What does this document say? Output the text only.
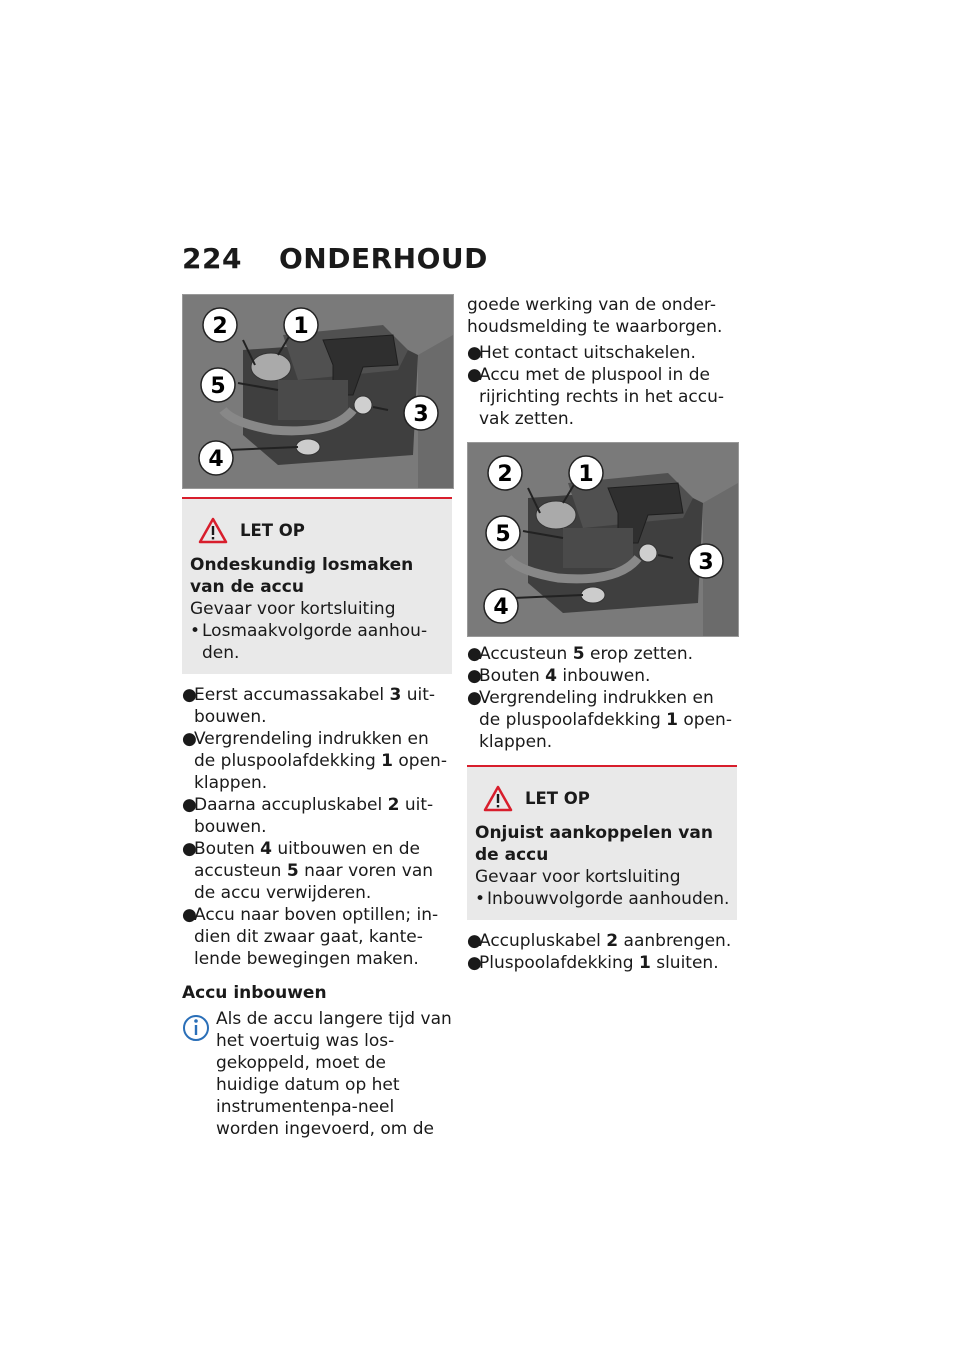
224 ONDERHOUD
2	1
5
3
4
LET OP

Ondeskundig losmaken van de accu

Gevaar voor kortsluiting

• Losmaakvolgorde aanhou-den.
●
Eerst accumassakabel 3 uit-bouwen.
●
Vergrendeling indrukken en de pluspoolafdekking 1 open-klappen.
●
Daarna accupluskabel 2 uit-bouwen.
●
Bouten 4 uitbouwen en de accusteun 5 naar voren van de accu verwijderen.
●
Accu naar boven optillen; in-dien dit zwaar gaat, kante-lende bewegingen maken.

Accu inbouwen

Als de accu langere tijd van het voertuig was los-gekoppeld, moet de huidige datum op het instrumentenpa-neel worden ingevoerd, om de

goede werking van de onder-houdsmelding te waarborgen.

●
Het contact uitschakelen.
●
Accu met de pluspool in de rijrichting rechts in het accu-vak zetten.
2	1
5
3
4
●
Accusteun 5 erop zetten.
●
Bouten 4 inbouwen.
●
Vergrendeling indrukken en de pluspoolafdekking 1 open-klappen.
LET OP

Onjuist aankoppelen van de accu

Gevaar voor kortsluiting

• Inbouwvolgorde aanhouden.
●
Accupluskabel 2 aanbrengen.
●
Pluspoolafdekking 1 sluiten.
